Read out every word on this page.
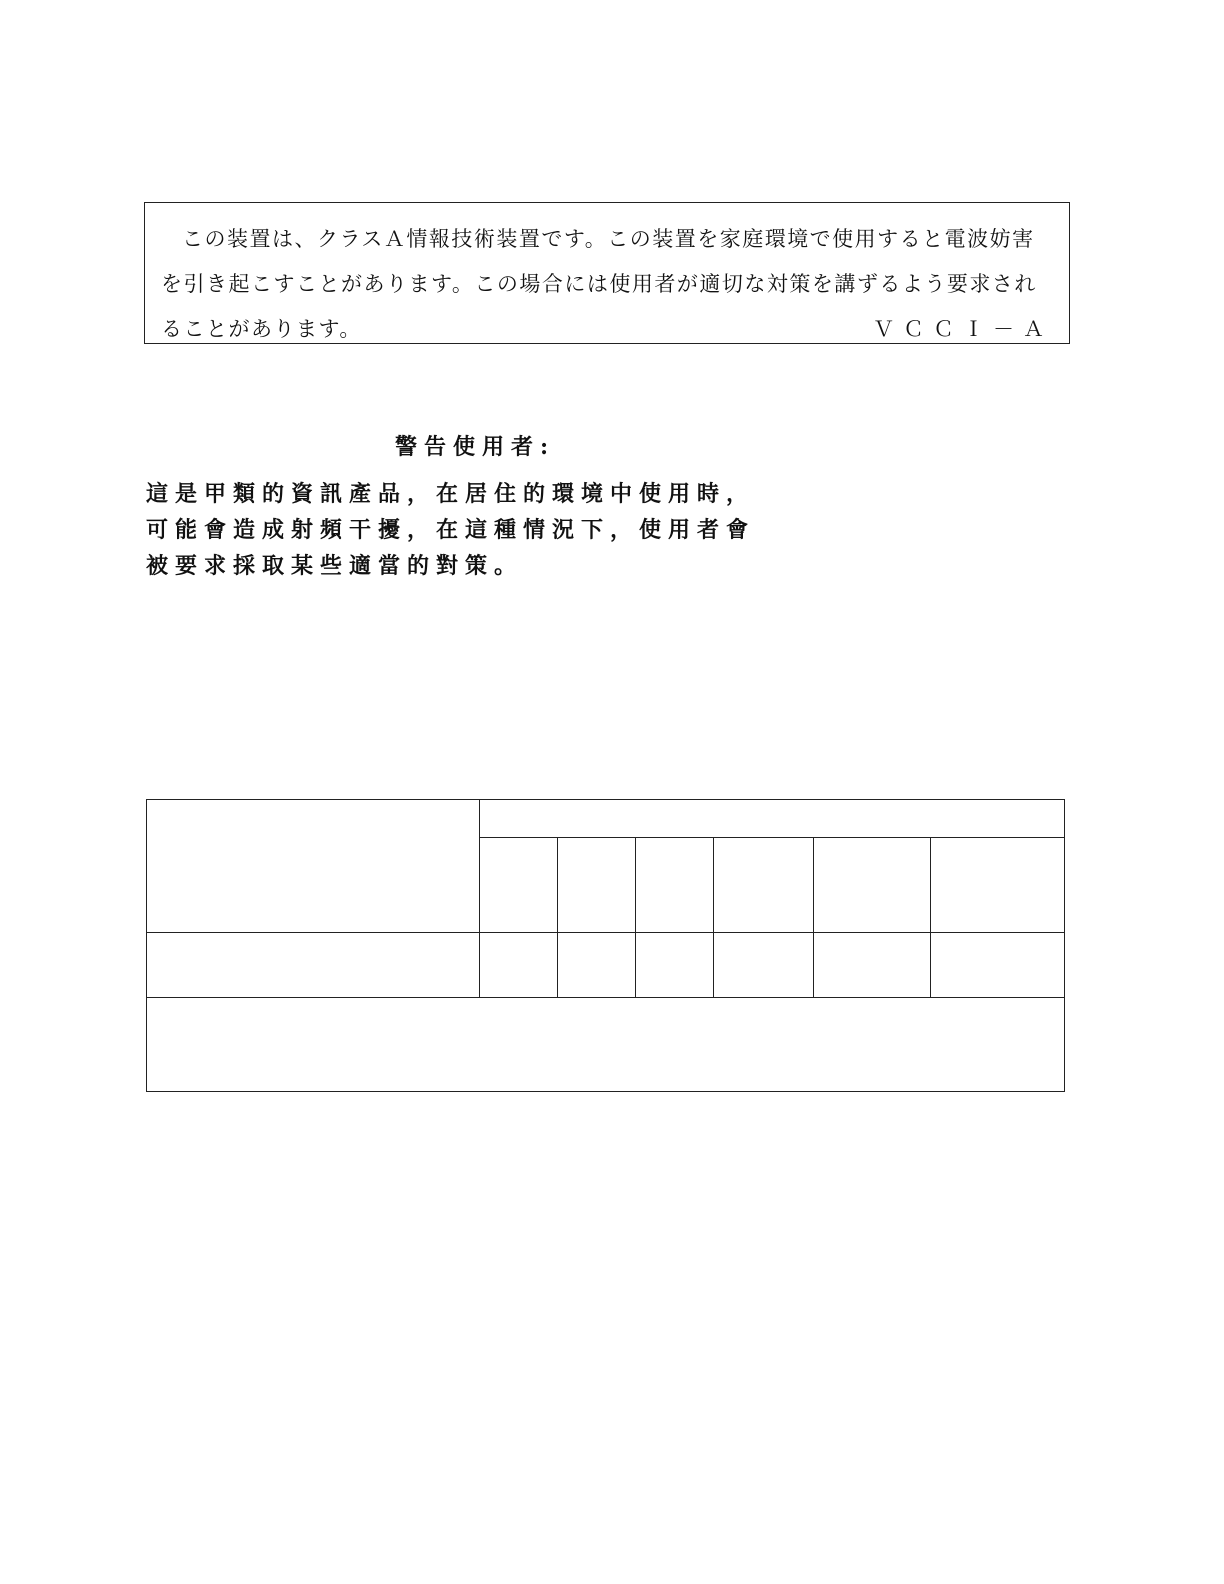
この装置は、クラスＡ情報技術装置です。この装置を家庭環境で使用すると電波妨害
を引き起こすことがあります。この場合には使用者が適切な対策を講ずるよう要求され
ることがあります。	ＶＣＣＩ－Ａ
警告使用者:
這是甲類的資訊產品，在居住的環境中使用時，
可能會造成射頻干擾，在這種情況下，使用者會
被要求採取某些適當的對策。
